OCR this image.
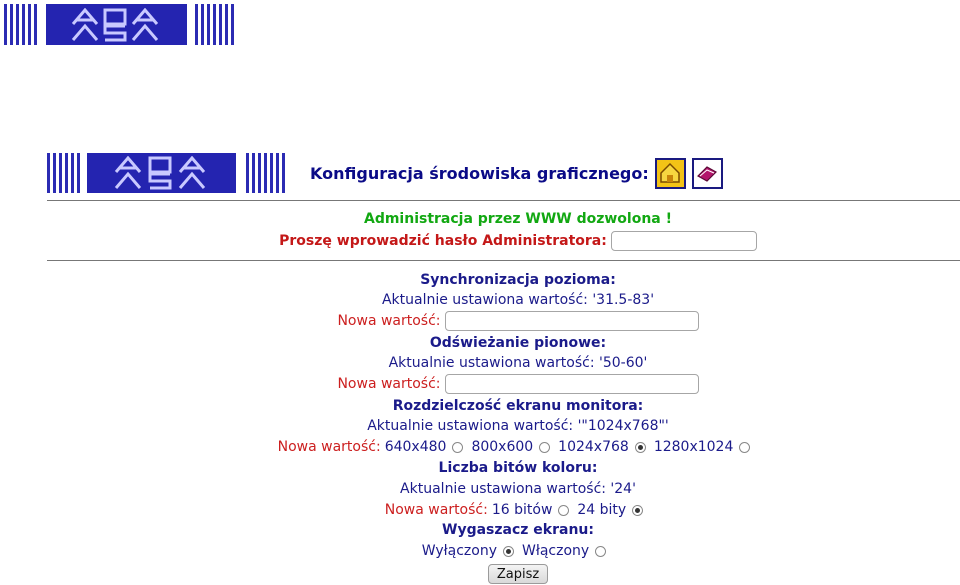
Konfiguracja środowiska graficznego:
Administracja przez WWW dozwolona !
Proszę wprowadzić hasło Administratora:
Synchronizacja pozioma:
Aktualnie ustawiona wartość: '31.5-83'
Nowa wartość:
Odświeżanie pionowe:
Aktualnie ustawiona wartość: '50-60'
Nowa wartość:
Rozdzielczość ekranu monitora:
Aktualnie ustawiona wartość: '"1024x768"'
Nowa wartość: 640x480 800x600 1024x768 1280x1024
Liczba bitów koloru:
Aktualnie ustawiona wartość: '24'
Nowa wartość: 16 bitów 24 bity
Wygaszacz ekranu:
Wyłączony Włączony
Zapisz
